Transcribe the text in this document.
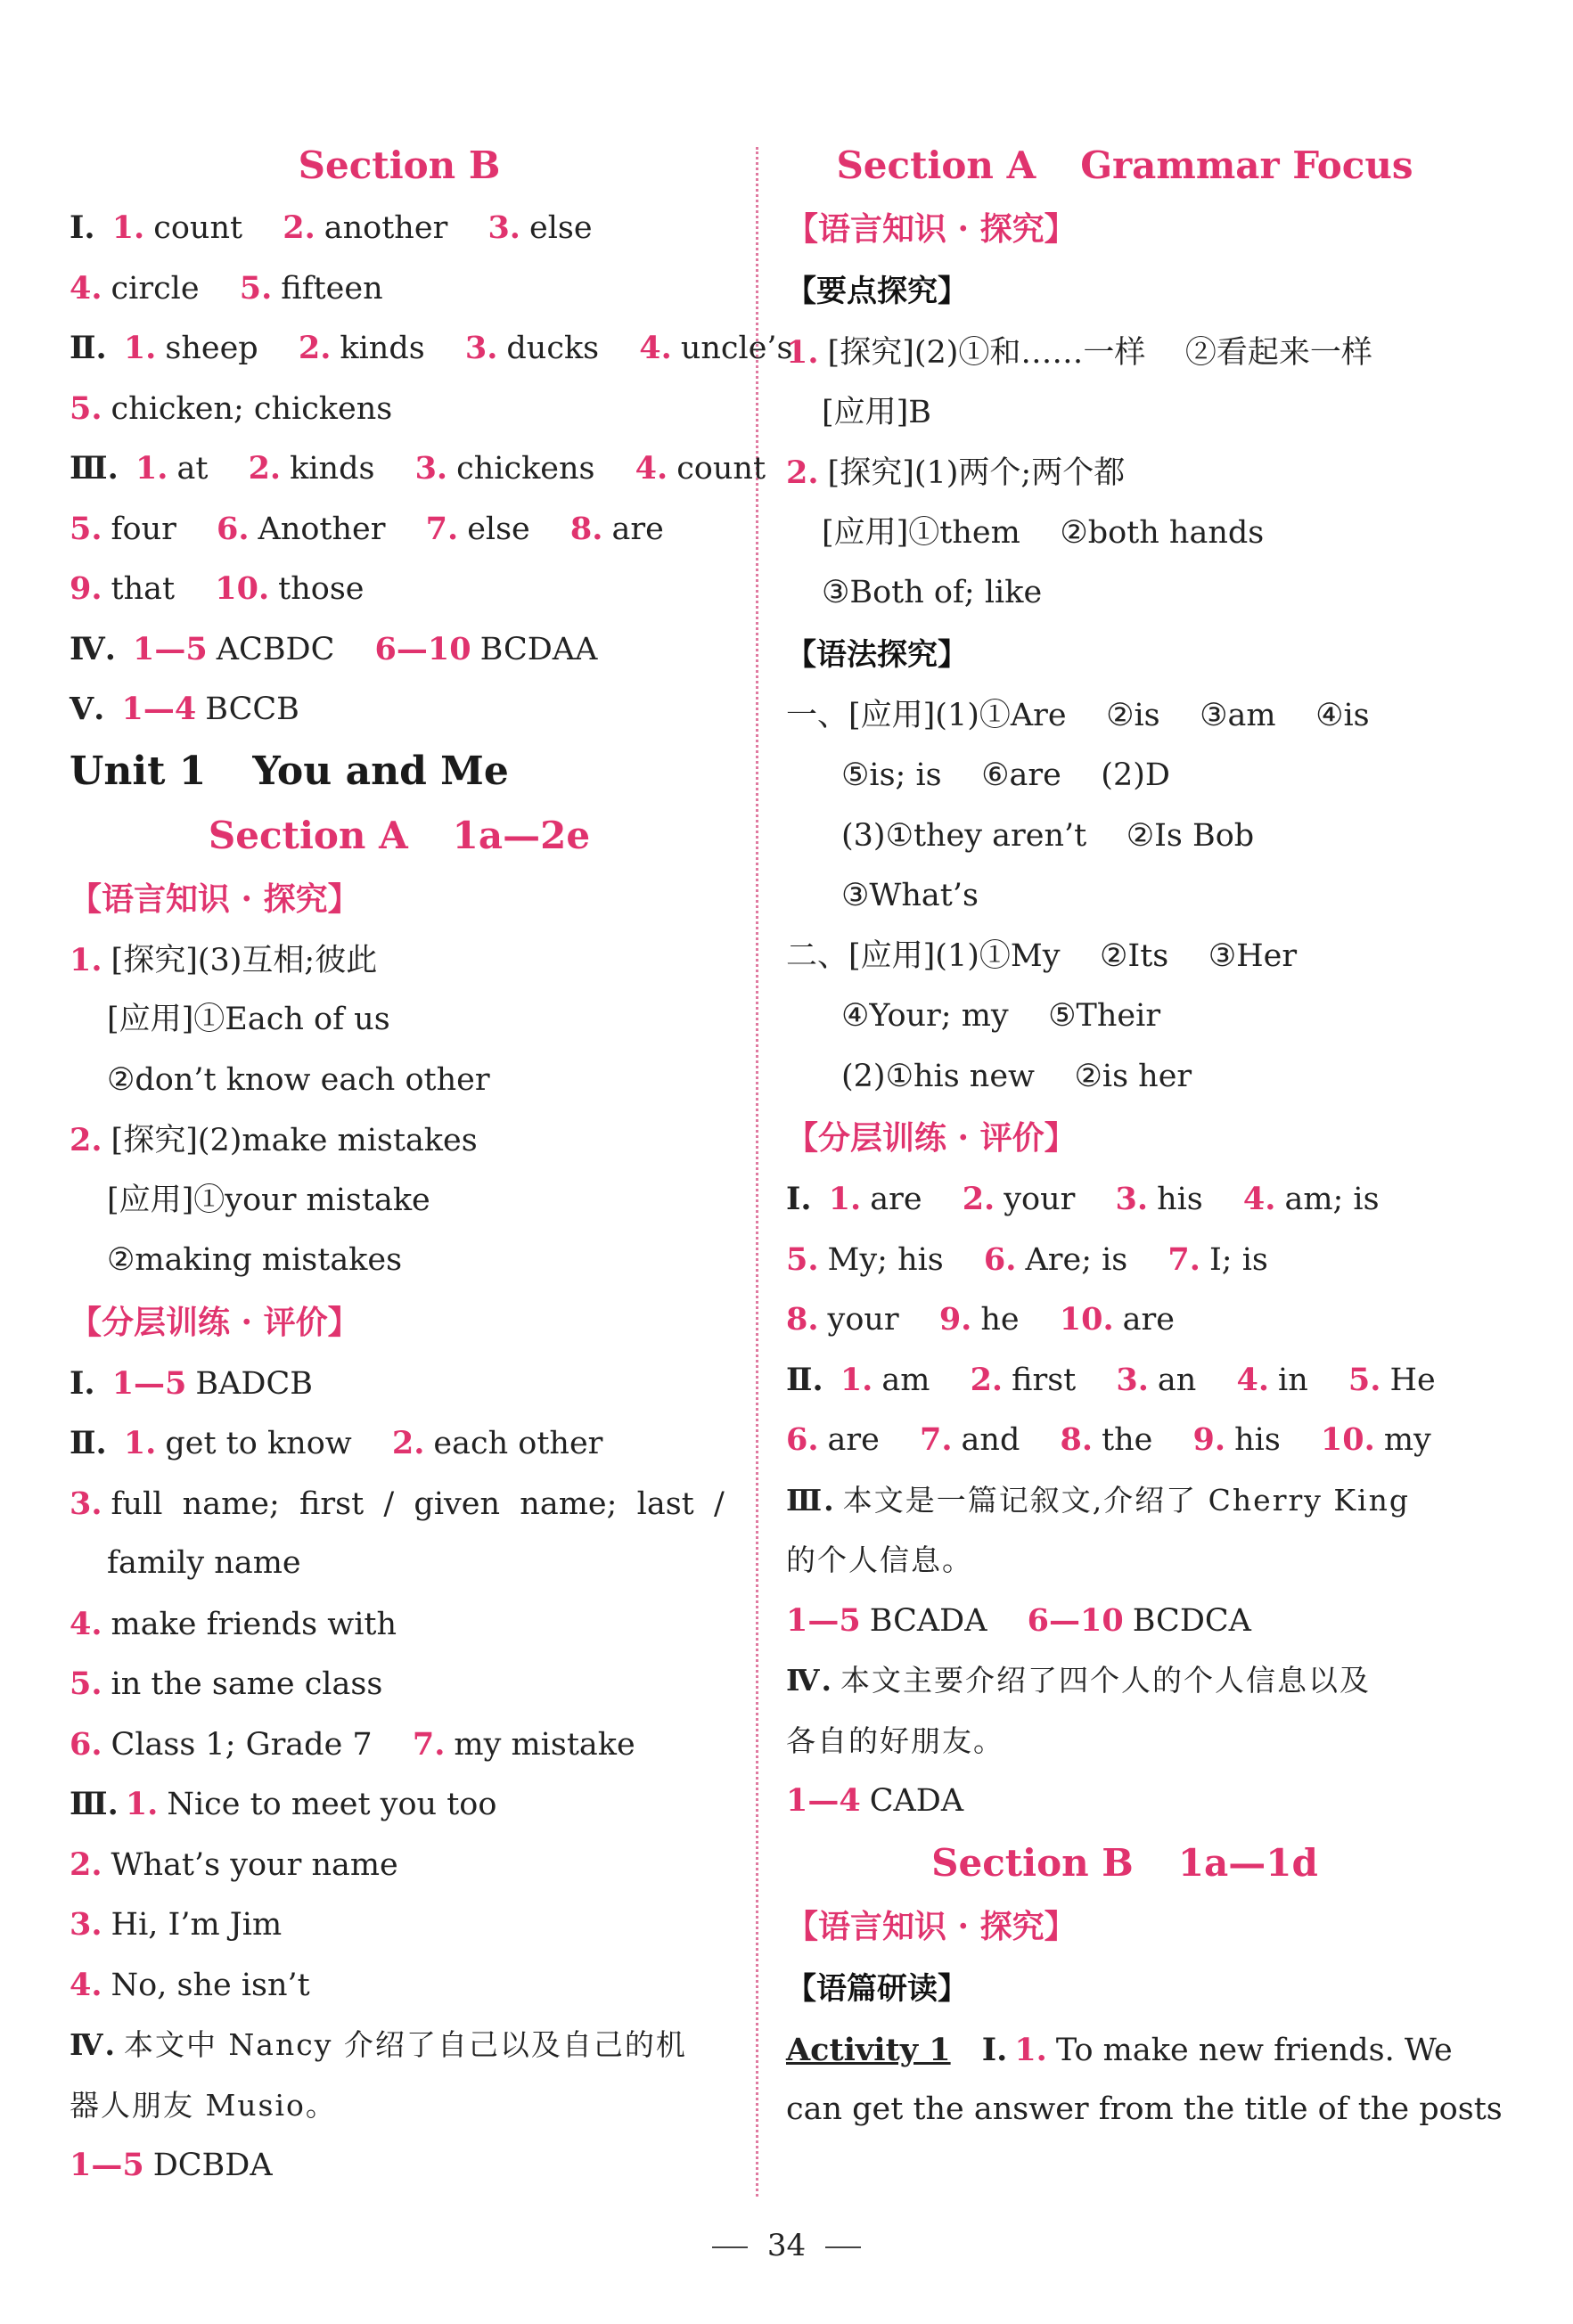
Section B
Ⅰ. 1. count 2. another 3. else
4. circle 5. fifteen
Ⅱ. 1. sheep 2. kinds 3. ducks 4. uncle’s
5. chicken; chickens
Ⅲ. 1. at 2. kinds 3. chickens 4. count
5. four 6. Another 7. else 8. are
9. that 10. those
Ⅳ. 1—5 ACBDC 6—10 BCDAA
Ⅴ. 1—4 BCCB
Unit 1 You and Me
Section A 1a—2e
【语言知识 · 探究】
1. [探究](3)互相;彼此
[应用]①Each of us
②don’t know each other
2. [探究](2)make mistakes
[应用]①your mistake
②making mistakes
【分层训练 · 评价】
Ⅰ. 1—5 BADCB
Ⅱ. 1. get to know 2. each other
3. full  name;  first  /  given  name;  last  /
family name
4. make friends with
5. in the same class
6. Class 1; Grade 7 7. my mistake
Ⅲ. 1. Nice to meet you too
2. What’s your name
3. Hi, I’m Jim
4. No, she isn’t
Ⅳ. 本文中 Nancy 介绍了自己以及自己的机
器人朋友 Musio。
1—5 DCBDA
Section A Grammar Focus
【语言知识 · 探究】
【要点探究】
1. [探究](2)①和……一样    ②看起来一样
[应用]B
2. [探究](1)两个;两个都
[应用]①them    ②both hands
③Both of; like
【语法探究】
一、[应用](1)①Are    ②is    ③am    ④is
⑤is; is    ⑥are    (2)D
(3)①they aren’t    ②Is Bob
③What’s
二、[应用](1)①My    ②Its    ③Her
④Your; my    ⑤Their
(2)①his new    ②is her
【分层训练 · 评价】
Ⅰ. 1. are 2. your 3. his 4. am; is
5. My; his 6. Are; is 7. I; is
8. your 9. he 10. are
Ⅱ. 1. am 2. first 3. an 4. in 5. He
6. are 7. and 8. the 9. his 10. my
Ⅲ. 本文是一篇记叙文,介绍了 Cherry King
的个人信息。
1—5 BCADA 6—10 BCDCA
Ⅳ. 本文主要介绍了四个人的个人信息以及
各自的好朋友。
1—4 CADA
Section B 1a—1d
【语言知识 · 探究】
【语篇研读】
Activity 1 Ⅰ. 1. To make new friends. We
can get the answer from the title of the posts
34
